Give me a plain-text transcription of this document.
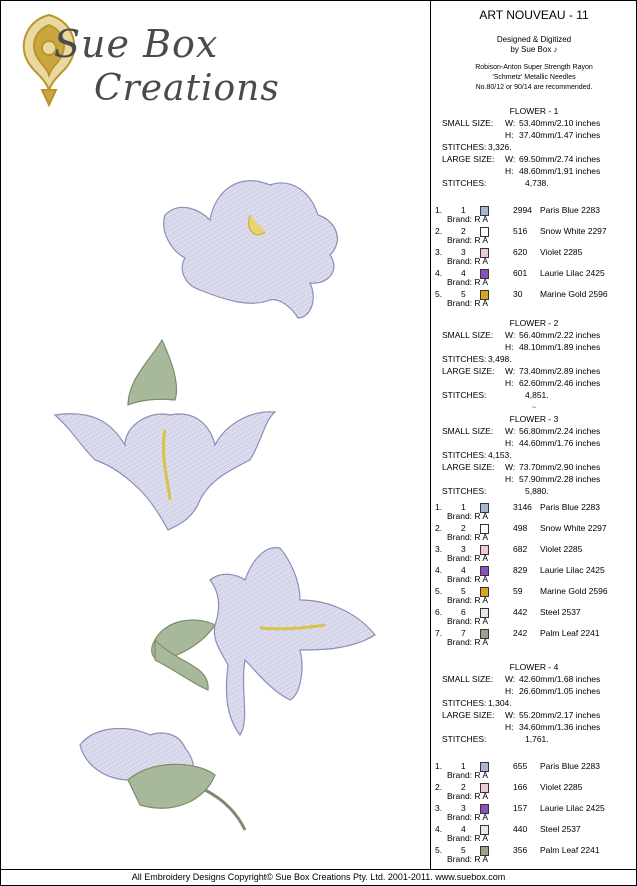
Sue Box
Creations
ART NOUVEAU - 11
Designed & Digitized
by Sue Box ♪
Robison-Anton Super Strength Rayon
'Schmetz' Metallic Needles
No.80/12 or 90/14 are recommended.
FLOWER - 1
SMALL SIZE: W: 53.40mm/2.10 inches
H: 37.40mm/1.47 inches
STITCHES: 3,326.
LARGE SIZE: W: 69.50mm/2.74 inches
H: 48.60mm/1.91 inches
STITCHES:	4,738.
FLOWER - 2
SMALL SIZE: W: 56.40mm/2.22 inches
H: 48.10mm/1.89 inches
STITCHES: 3,498.
LARGE SIZE: W: 73.40mm/2.89 inches
H: 62.60mm/2.46 inches
STITCHES:	4,851.
FLOWER - 3
SMALL SIZE: W: 56.80mm/2.24 inches
H: 44.60mm/1.76 inches
STITCHES: 4,153.
LARGE SIZE: W: 73.70mm/2.90 inches
H: 57.90mm/2.28 inches
STITCHES:	5,880.
FLOWER - 4
SMALL SIZE: W: 42.60mm/1.68 inches
H: 26.60mm/1.05 inches
STITCHES: 1,304.
LARGE SIZE: W: 55.20mm/2.17 inches
H: 34.60mm/1.36 inches
STITCHES:	1,761.
~
1. 1	2994 Paris Blue 2283
Brand: R A
2. 2	516 Snow White 2297
Brand: R A
3. 3	620 Violet 2285
Brand: R A
4. 4	601 Laurie Lilac 2425
Brand: R A
5. 5	30 Marine Gold 2596
Brand: R A
1. 1	3146 Paris Blue 2283
Brand: R A
2. 2	498 Snow White 2297
Brand: R A
3. 3	682 Violet 2285
Brand: R A
4. 4	829 Laurie Lilac 2425
Brand: R A
5. 5	59 Marine Gold 2596
Brand: R A
6. 6	442 Steel 2537
Brand: R A
7. 7	242 Palm Leaf 2241
Brand: R A
1. 1	655 Paris Blue 2283
Brand: R A
2. 2	166 Violet 2285
Brand: R A
3. 3	157 Laurie Lilac 2425
Brand: R A
4. 4	440 Steel 2537
Brand: R A
5. 5	356 Palm Leaf 2241
Brand: R A
All Embroidery Designs Copyright© Sue Box Creations Pty. Ltd. 2001-2011. www.suebox.com
